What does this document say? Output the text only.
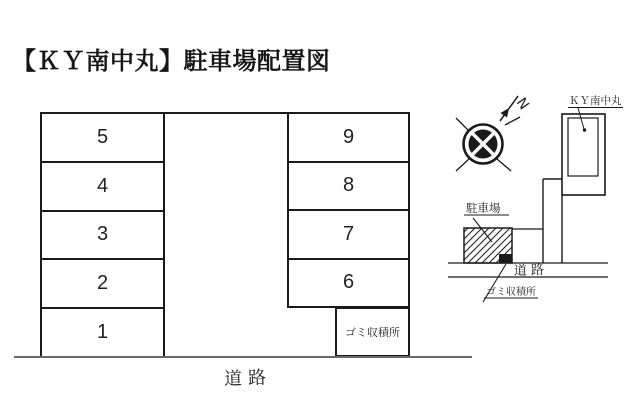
【ＫＹ南中丸】駐車場配置図
5
4
3
2
1
9
8
7
6
ゴミ収積所
道路
N	ＫＹ南中丸
道路
駐車場
ゴミ収積所
